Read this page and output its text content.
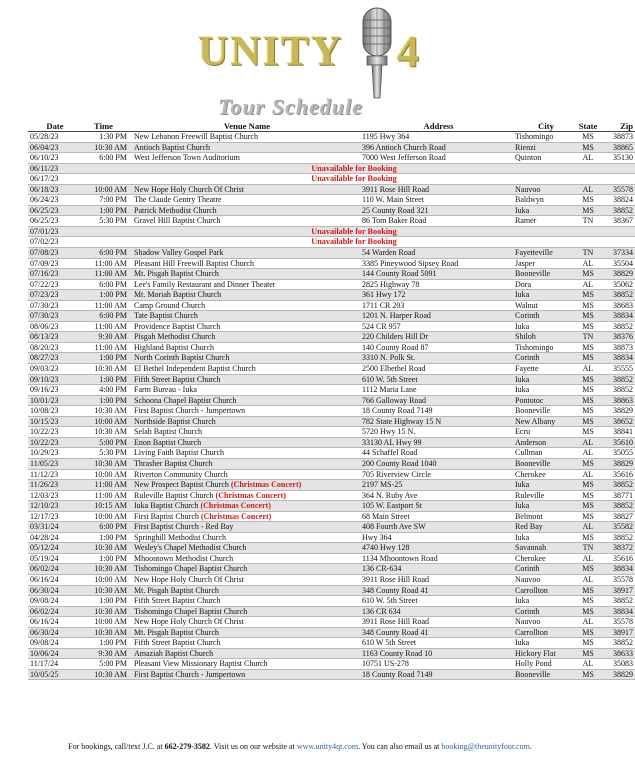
UNITY 4
Tour Schedule
Date	Time	Venue Name	Address	City	State	Zip
05/28/23	1:30 PM	New Lebanon Freewill Baptist Church	1195 Hwy 364	Tishomingo	MS	38873
06/04/23	10:30 AM	Antioch Baptist Church	396 Antioch Church Road	Rienzi	MS	38865
06/10/23	6:00 PM	West Jefferson Town Auditorium	7000 West Jefferson Road	Quinton	AL	35130
06/11/23		Unavailable for Booking				
06/17/23		Unavailable for Booking				
06/18/23	10:00 AM	New Hope Holy Church Of Christ	3911 Rose Hill Road	Nauvoo	AL	35578
06/24/23	7:00 PM	The Claude Gentry Theatre	110 W. Main Street	Baldwyn	MS	38824
06/25/23	1:00 PM	Patrick Methodist Church	25 County Road 321	Iuka	MS	38852
06/25/23	5:30 PM	Gravel Hill Baptist Church	86 Tom Baker Road	Ramer	TN	38367
07/01/23		Unavailable for Booking				
07/02/23		Unavailable for Booking				
07/08/23	6:00 PM	Shadow Valley Gospel Park	54 Warden Road	Fayetteville	TN	37334
07/09/23	11:00 AM	Pleasant Hill Freewill Baptist Church	3385 Pineywood Sipsey Road	Jasper	AL	35504
07/16/23	11:00 AM	Mt. Pisgah Baptist Church	144 County Road 5091	Booneville	MS	38829
07/22/23	6:00 PM	Lee's Family Restaurant and Dinner Theater	2825 Highway 78	Dora	AL	35062
07/23/23	1:00 PM	Mt. Moriah Baptist Church	361 Hwy 172	Iuka	MS	38852
07/30/23	11:00 AM	Camp Ground Church	1711 CR 203	Walnut	MS	38683
07/30/23	6:00 PM	Tate Baptist Church	1201 N. Harper Road	Corinth	MS	38834
08/06/23	11:00 AM	Providence Baptist Church	524 CR 957	Iuka	MS	38852
08/13/23	9:30 AM	Pisgah Methodist Church	220 Childers Hill Dr	Shiloh	TN	38376
08/20/23	11:00 AM	Highland Baptist Church	140 County Road 87	Tishomingo	MS	38873
08/27/23	1:00 PM	North Corinth Baptist Church	3310 N. Polk St.	Corinth	MS	38834
09/03/23	10:30 AM	El Bethel Independent Baptist Church	2500 Elbethel Road	Fayette	AL	35555
09/10/23	1:00 PM	Fifth Street Baptist Church	610 W. 5th Street	Iuka	MS	38852
09/16/23	4:00 PM	Farm Bureau - Iuka	1112 Maria Lane	Iuka	MS	38852
10/01/23	1:00 PM	Schoona Chapel Baptist Church	766 Galloway Road	Pontotoc	MS	38863
10/08/23	10:30 AM	First Baptist Church - Jumpertown	18 County Road 7149	Booneville	MS	38829
10/15/23	10:00 AM	Northside Baptist Church	782 State Highway 15 N	New Albany	MS	38652
10/22/23	10:30 AM	Selah Baptist Church	5720 Hwy 15 N.	Ecru	MS	38841
10/22/23	5:00 PM	Enon Baptist Church	33130 AL Hwy 99	Anderson	AL	35610
10/29/23	5:30 PM	Living Faith Baptist Church	44 Schaffel Road	Cullman	AL	35055
11/05/23	10:30 AM	Thrasher Baptist Church	200 County Road 1040	Booneville	MS	38829
11/12/23	10:00 AM	Riverton Community Church	705 Riverview Circle	Cherokee	AL	35616
11/26/23	11:00 AM	New Prospect Baptist Church (Christmas Concert)	2197 MS-25	Iuka	MS	38852
12/03/23	11:00 AM	Ruleville Baptist Church (Christmas Concert)	364 N. Ruby Ave	Ruleville	MS	38771
12/10/23	10:15 AM	Iuka Baptist Church (Christmas Concert)	105 W. Eastport St	Iuka	MS	38852
12/17/23	10:00 AM	First Baptist Church (Christmas Concert)	68 Main Street	Belmont	MS	38827
03/31/24	6:00 PM	First Baptist Church - Red Bay	408 Fourth Ave SW	Red Bay	AL	35582
04/28/24	1:00 PM	Springhill Methodist Church	Hwy 364	Iuka	MS	38852
05/12/24	10:30 AM	Wesley's Chapel Methodist Church	4740 Hwy 128	Savannah	TN	38372
05/19/24	1:00 PM	Mhoontown Methodist Church	1134 Mhoontown Road	Cherokee	AL	35616
06/02/24	10:30 AM	Tishomingo Chapel Baptist Church	136 CR-634	Corinth	MS	38834
06/16/24	10:00 AM	New Hope Holy Church Of Christ	3911 Rose Hill Road	Nauvoo	AL	35578
06/30/24	10:30 AM	Mt. Pisgah Baptist Church	348 County Road 41	Carrollton	MS	38917
09/08/24	1:00 PM	Fifth Street Baptist Church	610 W. 5th Street	Iuka	MS	38852
06/02/24	10:30 AM	Tishomingo Chapel Baptist Church	136 CR 634	Corinth	MS	38834
06/16/24	10:00 AM	New Hope Holy Church Of Christ	3911 Rose Hill Road	Nauvoo	AL	35578
06/30/24	10:30 AM	Mt. Pisgah Baptist Church	348 County Road 41	Carrollton	MS	38917
09/08/24	1:00 PM	Fifth Street Baptist Church	610 W 5th Street	Iuka	MS	38852
10/06/24	9:30 AM	Amaziah Baptist Church	1163 County Road 10	Hickory Flat	MS	38633
11/17/24	5:00 PM	Pleasant View Missionary Baptist Church	10751 US-278	Holly Pond	AL	35083
10/05/25	10:30 AM	First Baptist Church - Jumpertown	18 County Road 7149	Booneville	MS	38829
For bookings, call/text J.C. at 662-279-3582. Visit us on our website at www.unity4qt.com. You can also email us at booking@theunityfour.com.
